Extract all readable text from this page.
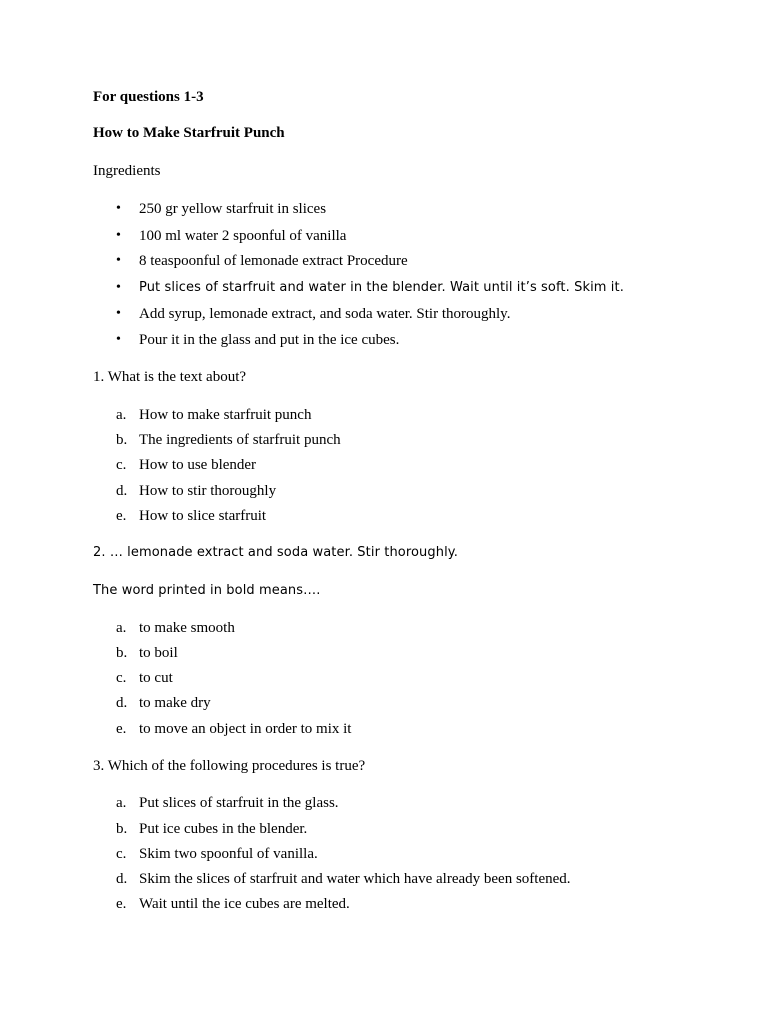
For questions 1-3
How to Make Starfruit Punch
Ingredients
• 250 gr yellow starfruit in slices
• 100 ml water 2 spoonful of vanilla
• 8 teaspoonful of lemonade extract Procedure
• Put slices of starfruit and water in the blender. Wait until it’s soft. Skim it.
• Add syrup, lemonade extract, and soda water. Stir thoroughly.
• Pour it in the glass and put in the ice cubes.
1. What is the text about?
a. How to make starfruit punch
b. The ingredients of starfruit punch
c. How to use blender
d. How to stir thoroughly
e. How to slice starfruit
2. … lemonade extract and soda water. Stir thoroughly.
The word printed in bold means….
a. to make smooth
b. to boil
c. to cut
d. to make dry
e. to move an object in order to mix it
3. Which of the following procedures is true?
a. Put slices of starfruit in the glass.
b. Put ice cubes in the blender.
c. Skim two spoonful of vanilla.
d. Skim the slices of starfruit and water which have already been softened.
e. Wait until the ice cubes are melted.
